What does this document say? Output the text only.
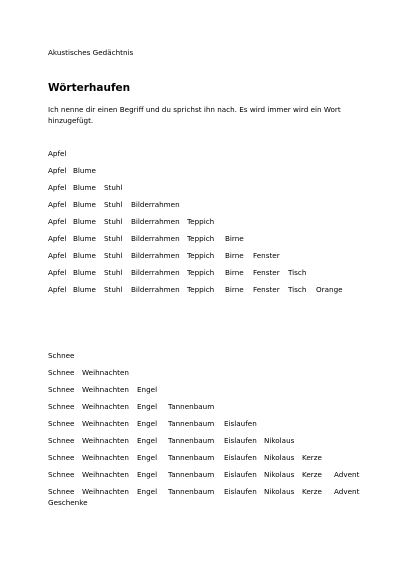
Akustisches Gedächtnis
Wörterhaufen

Ich nenne dir einen Begriff und du sprichst ihn nach. Es wird immer wird ein Wort hinzugefügt.

Apfel
Apfel Blume
Apfel Blume Stuhl
Apfel Blume Stuhl Bilderrahmen
Apfel Blume Stuhl Bilderrahmen Teppich
Apfel Blume Stuhl Bilderrahmen Teppich Birne
Apfel Blume Stuhl Bilderrahmen Teppich Birne Fenster
Apfel Blume Stuhl Bilderrahmen Teppich Birne Fenster Tisch
Apfel Blume Stuhl Bilderrahmen Teppich Birne Fenster Tisch Orange
Schnee
Schnee Weihnachten
Schnee Weihnachten Engel
Schnee Weihnachten Engel Tannenbaum
Schnee Weihnachten Engel Tannenbaum Eislaufen
Schnee Weihnachten Engel Tannenbaum Eislaufen Nikolaus
Schnee Weihnachten Engel Tannenbaum Eislaufen Nikolaus Kerze
Schnee Weihnachten Engel Tannenbaum Eislaufen Nikolaus Kerze Advent
Schnee Weihnachten Engel Tannenbaum Eislaufen Nikolaus Kerze Advent
Geschenke
